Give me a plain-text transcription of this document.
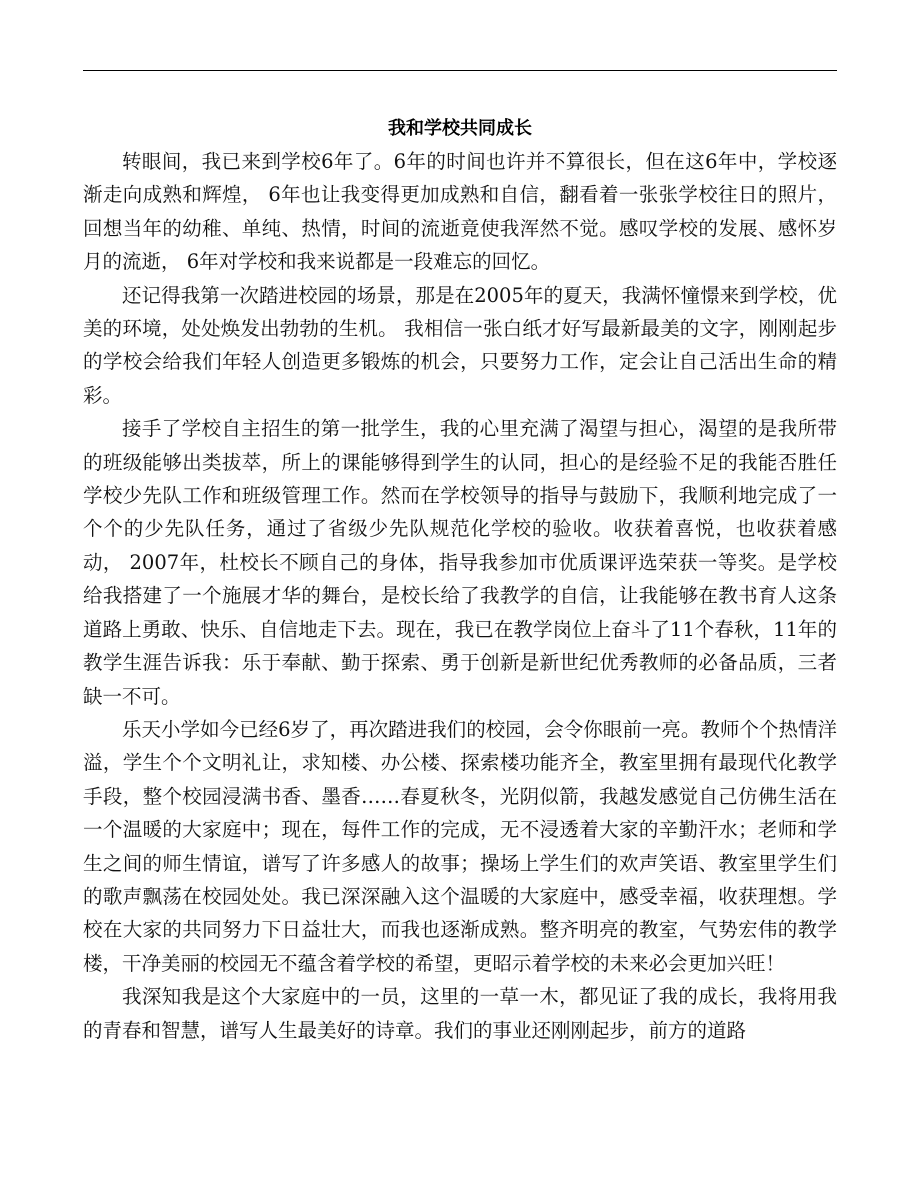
我和学校共同成长

转眼间，我已来到学校6年了。6年的时间也许并不算很长，但在这6年中，学校逐渐走向成熟和辉煌， 6年也让我变得更加成熟和自信，翻看着一张张学校往日的照片，回想当年的幼稚、单纯、热情，时间的流逝竟使我浑然不觉。感叹学校的发展、感怀岁月的流逝， 6年对学校和我来说都是一段难忘的回忆。

还记得我第一次踏进校园的场景，那是在2005年的夏天，我满怀憧憬来到学校，优美的环境，处处焕发出勃勃的生机。 我相信一张白纸才好写最新最美的文字，刚刚起步的学校会给我们年轻人创造更多锻炼的机会，只要努力工作，定会让自己活出生命的精彩。

接手了学校自主招生的第一批学生，我的心里充满了渴望与担心，渴望的是我所带的班级能够出类拔萃，所上的课能够得到学生的认同，担心的是经验不足的我能否胜任学校少先队工作和班级管理工作。然而在学校领导的指导与鼓励下，我顺利地完成了一个个的少先队任务，通过了省级少先队规范化学校的验收。收获着喜悦，也收获着感动， 2007年，杜校长不顾自己的身体，指导我参加市优质课评选荣获一等奖。是学校给我搭建了一个施展才华的舞台，是校长给了我教学的自信，让我能够在教书育人这条道路上勇敢、快乐、自信地走下去。现在，我已在教学岗位上奋斗了11个春秋，11年的教学生涯告诉我：乐于奉献、勤于探索、勇于创新是新世纪优秀教师的必备品质，三者缺一不可。

乐天小学如今已经6岁了，再次踏进我们的校园，会令你眼前一亮。教师个个热情洋溢，学生个个文明礼让，求知楼、办公楼、探索楼功能齐全，教室里拥有最现代化教学手段，整个校园浸满书香、墨香……春夏秋冬，光阴似箭，我越发感觉自己仿佛生活在一个温暖的大家庭中；现在，每件工作的完成，无不浸透着大家的辛勤汗水；老师和学生之间的师生情谊，谱写了许多感人的故事；操场上学生们的欢声笑语、教室里学生们的歌声飘荡在校园处处。我已深深融入这个温暖的大家庭中，感受幸福，收获理想。学校在大家的共同努力下日益壮大，而我也逐渐成熟。整齐明亮的教室，气势宏伟的教学楼，干净美丽的校园无不蕴含着学校的希望，更昭示着学校的未来必会更加兴旺！

我深知我是这个大家庭中的一员，这里的一草一木，都见证了我的成长，我将用我的青春和智慧，谱写人生最美好的诗章。我们的事业还刚刚起步，前方的道路
